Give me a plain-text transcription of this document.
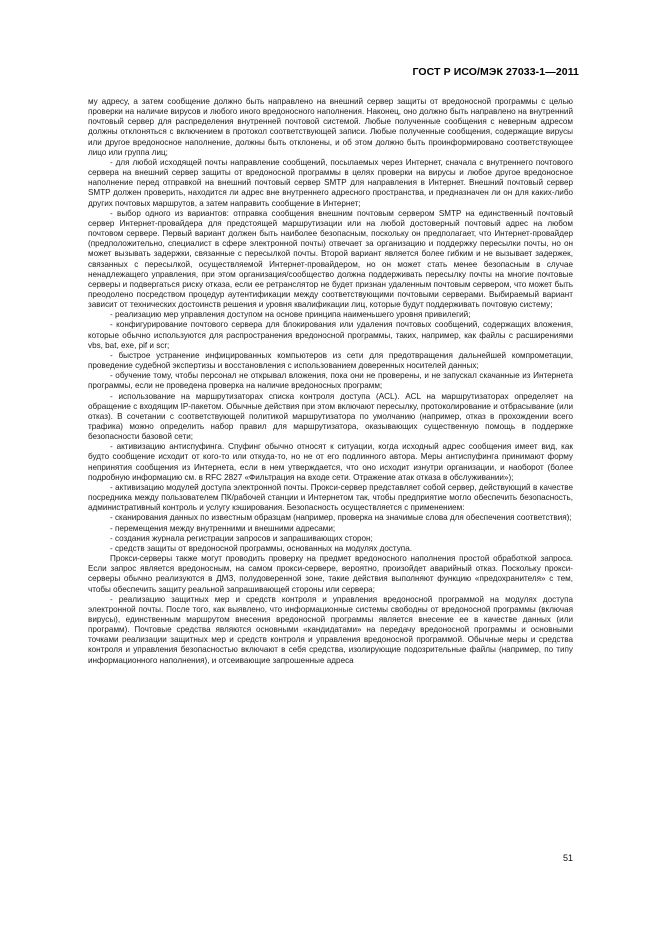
ГОСТ Р ИСО/МЭК 27033-1—2011

му адресу, а затем сообщение должно быть направлено на внешний сервер защиты от вредоносной программы с целью проверки на наличие вирусов и любого иного вредоносного наполнения. Наконец, оно должно быть направлено на внутренний почтовый сервер для распределения внутренней почтовой системой. Любые полученные сообщения с неверным адресом должны отклоняться с включением в протокол соответствующей записи. Любые полученные сообщения, содержащие вирусы или другое вредоносное наполнение, должны быть отклонены, и об этом должно быть проинформировано соответствующее лицо или группа лиц;

- для любой исходящей почты направление сообщений, посылаемых через Интернет, сначала с внутреннего почтового сервера на внешний сервер защиты от вредоносной программы в целях проверки на вирусы и любое другое вредоносное наполнение перед отправкой на внешний почтовый сервер SMTP для направления в Интернет. Внешний почтовый сервер SMTP должен проверить, находится ли адрес вне внутреннего адресного пространства, и предназначен ли он для каких-либо других почтовых маршрутов, а затем направить сообщение в Интернет;

- выбор одного из вариантов: отправка сообщения внешним почтовым сервером SMTP на единственный почтовый сервер Интернет-провайдера для предстоящей маршрутизации или на любой достоверный почтовый адрес на любом почтовом сервере. Первый вариант должен быть наиболее безопасным, поскольку он предполагает, что Интернет-провайдер (предположительно, специалист в сфере электронной почты) отвечает за организацию и поддержку пересылки почты, но он может вызывать задержки, связанные с пересылкой почты. Второй вариант является более гибким и не вызывает задержек, связанных с пересылкой, осуществляемой Интернет-провайдером, но он может стать менее безопасным в случае ненадлежащего управления, при этом организация/сообщество должна поддерживать пересылку почты на многие почтовые серверы и подвергаться риску отказа, если ее ретранслятор не будет признан удаленным почтовым сервером, что может быть преодолено посредством процедур аутентификации между соответствующими почтовыми серверами. Выбираемый вариант зависит от технических достоинств решения и уровня квалификации лиц, которые будут поддерживать почтовую систему;

- реализацию мер управления доступом на основе принципа наименьшего уровня привилегий;

- конфигурирование почтового сервера для блокирования или удаления почтовых сообщений, содержащих вложения, которые обычно используются для распространения вредоносной программы, таких, например, как файлы с расширениями vbs, bat, exe, pif и scr;

- быстрое устранение инфицированных компьютеров из сети для предотвращения дальнейшей компрометации, проведение судебной экспертизы и восстановления с использованием доверенных носителей данных;

- обучение тому, чтобы персонал не открывал вложения, пока они не проверены, и не запускал скачанные из Интернета программы, если не проведена проверка на наличие вредоносных программ;

- использование на маршрутизаторах списка контроля доступа (ACL). ACL на маршрутизаторах определяет на обращение с входящим IP-пакетом. Обычные действия при этом включают пересылку, протоколирование и отбрасывание (или отказ). В сочетании с соответствующей политикой маршрутизатора по умолчанию (например, отказ в прохождении всего трафика) можно определить набор правил для маршрутизатора, оказывающих существенную помощь в поддержке безопасности базовой сети;

- активизацию антиспуфинга. Спуфинг обычно относят к ситуации, когда исходный адрес сообщения имеет вид, как будто сообщение исходит от кого-то или откуда-то, но не от его подлинного автора. Меры антиспуфинга принимают форму непринятия сообщения из Интернета, если в нем утверждается, что оно исходит изнутри организации, и наоборот (более подробную информацию см. в RFC 2827 «Фильтрация на входе сети. Отражение атак отказа в обслуживании»);

- активизацию модулей доступа электронной почты. Прокси-сервер представляет собой сервер, действующий в качестве посредника между пользователем ПК/рабочей станции и Интернетом так, чтобы предприятие могло обеспечить безопасность, административный контроль и услугу кэширования. Безопасность осуществляется с применением:

- сканирования данных по известным образцам (например, проверка на значимые слова для обеспечения соответствия);

- перемещения между внутренними и внешними адресами;

- создания журнала регистрации запросов и запрашивающих сторон;

- средств защиты от вредоносной программы, основанных на модулях доступа.

Прокси-серверы также могут проводить проверку на предмет вредоносного наполнения простой обработкой запроса. Если запрос является вредоносным, на самом прокси-сервере, вероятно, произойдет аварийный отказ. Поскольку прокси-серверы обычно реализуются в ДМЗ, полудоверенной зоне, такие действия выполняют функцию «предохранителя» с тем, чтобы обеспечить защиту реальной запрашивающей стороны или сервера;

- реализацию защитных мер и средств контроля и управления вредоносной программой на модулях доступа электронной почты. После того, как выявлено, что информационные системы свободны от вредоносной программы (включая вирусы), единственным маршрутом внесения вредоносной программы является внесение ее в качестве данных (или программ). Почтовые средства являются основными «кандидатами» на передачу вредоносной программы и основными точками реализации защитных мер и средств контроля и управления вредоносной программой. Обычные меры и средства контроля и управления безопасностью включают в себя средства, изолирующие подозрительные файлы (например, по типу информационного наполнения), и отсеивающие запрошенные адреса

51
